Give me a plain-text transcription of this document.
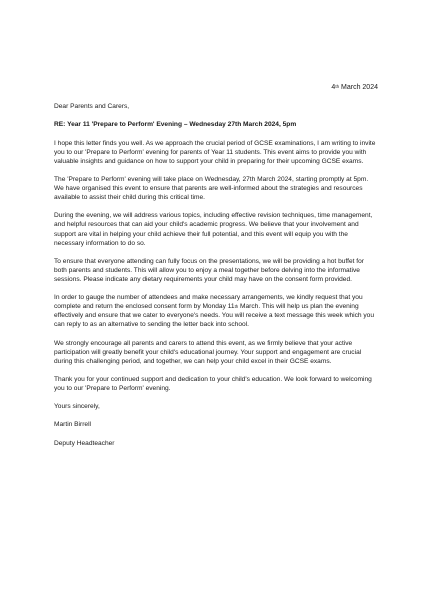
4th March 2024

Dear Parents and Carers,

RE: Year 11 'Prepare to Perform' Evening – Wednesday 27th March 2024, 5pm

I hope this letter finds you well. As we approach the crucial period of GCSE examinations, I am writing to invite you to our 'Prepare to Perform' evening for parents of Year 11 students. This event aims to provide you with valuable insights and guidance on how to support your child in preparing for their upcoming GCSE exams.

The 'Prepare to Perform' evening will take place on Wednesday, 27th March 2024, starting promptly at 5pm. We have organised this event to ensure that parents are well-informed about the strategies and resources available to assist their child during this critical time.

During the evening, we will address various topics, including effective revision techniques, time management, and helpful resources that can aid your child's academic progress. We believe that your involvement and support are vital in helping your child achieve their full potential, and this event will equip you with the necessary information to do so.

To ensure that everyone attending can fully focus on the presentations, we will be providing a hot buffet for both parents and students. This will allow you to enjoy a meal together before delving into the informative sessions. Please indicate any dietary requirements your child may have on the consent form provided.

In order to gauge the number of attendees and make necessary arrangements, we kindly request that you complete and return the enclosed consent form by Monday 11th March. This will help us plan the evening effectively and ensure that we cater to everyone's needs. You will receive a text message this week which you can reply to as an alternative to sending the letter back into school.

We strongly encourage all parents and carers to attend this event, as we firmly believe that your active participation will greatly benefit your child's educational journey. Your support and engagement are crucial during this challenging period, and together, we can help your child excel in their GCSE exams.

Thank you for your continued support and dedication to your child's education. We look forward to welcoming you to our 'Prepare to Perform' evening.

Yours sincerely,

Martin Birrell

Deputy Headteacher
